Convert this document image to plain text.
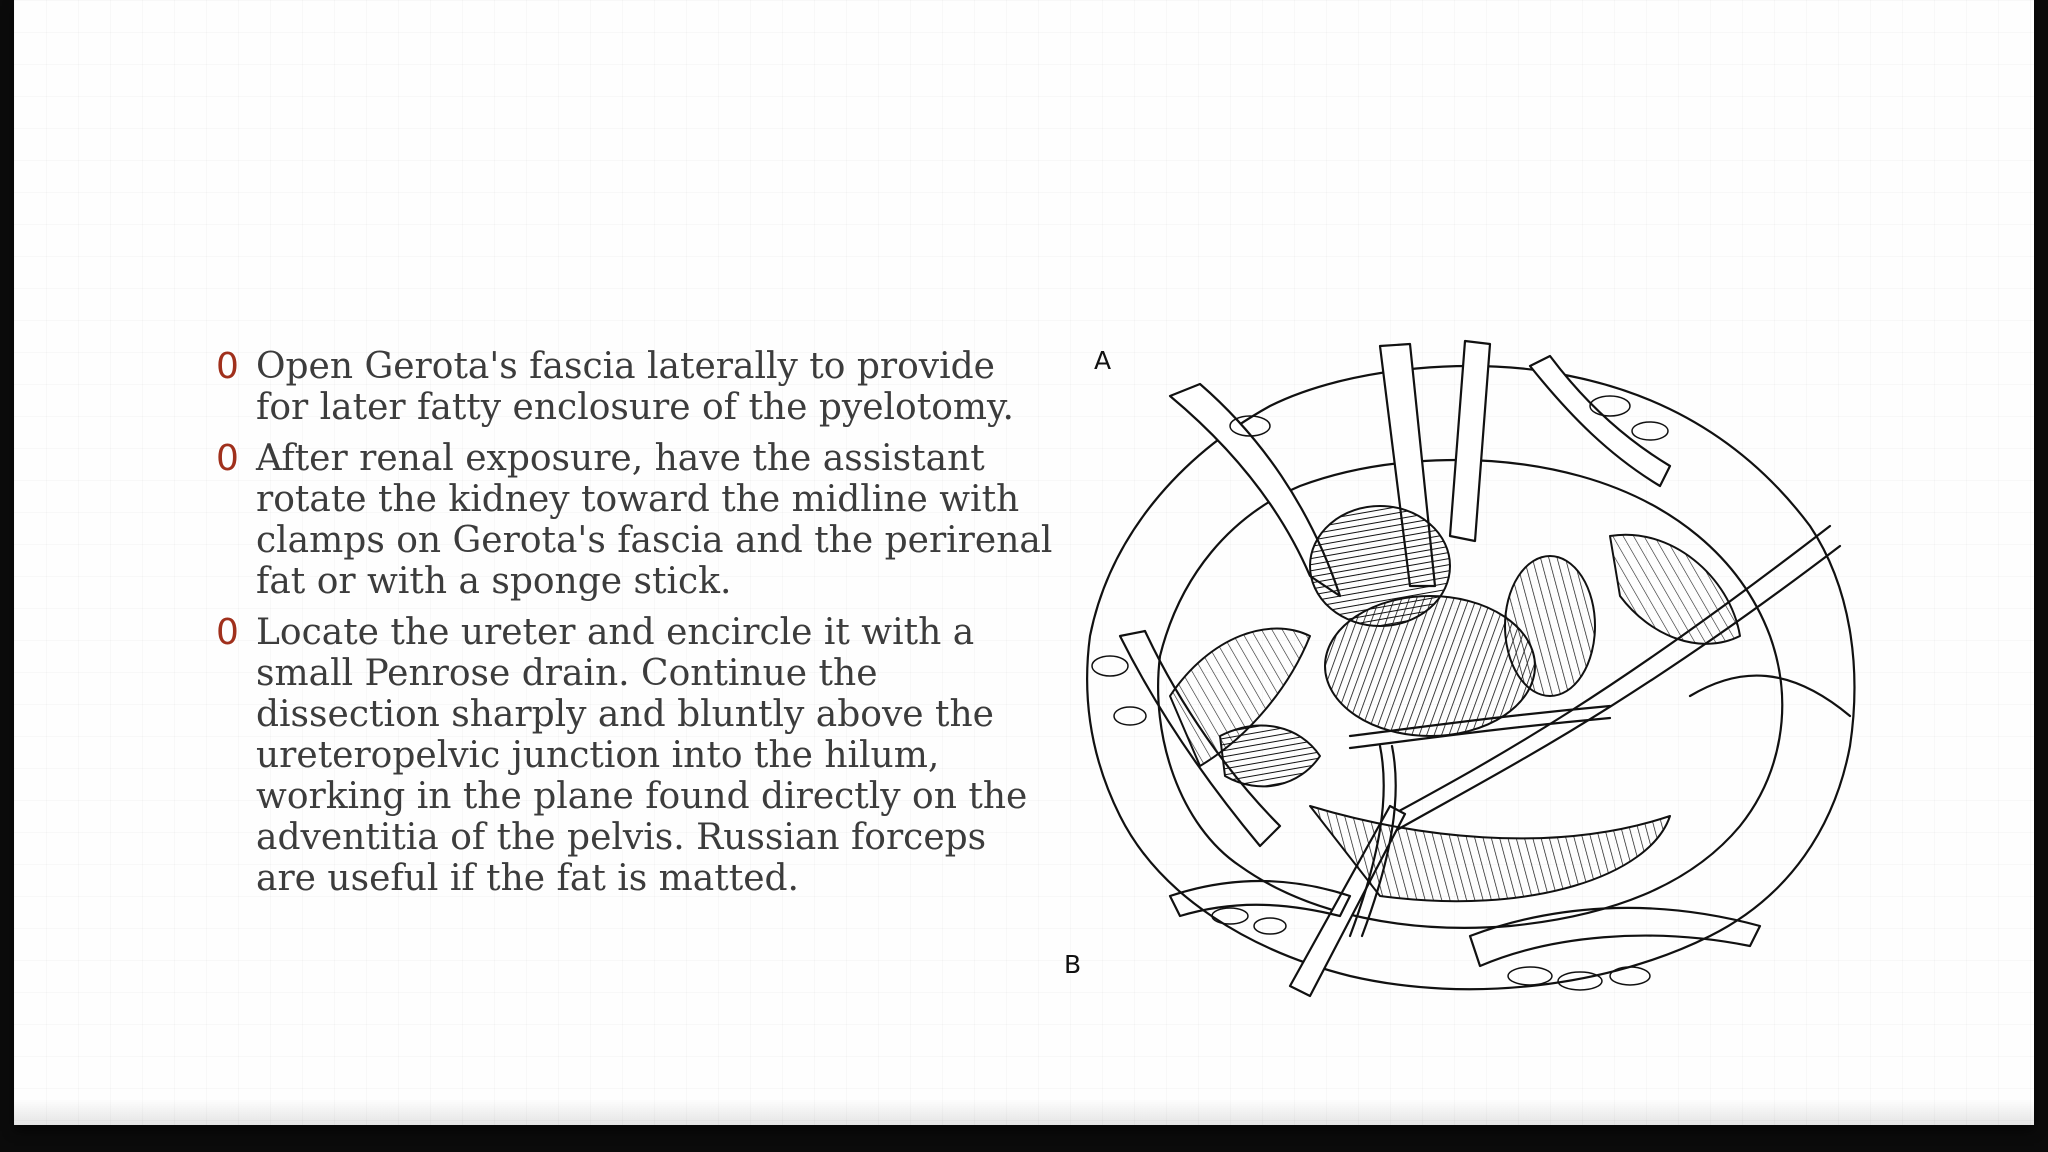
0 Open Gerota's fascia laterally to provide for later fatty enclosure of the pyelotomy.
0 After renal exposure, have the assistant rotate the kidney toward the midline with clamps on Gerota's fascia and the perirenal fat or with a sponge stick.
0 Locate the ureter and encircle it with a small Penrose drain. Continue the dissection sharply and bluntly above the ureteropelvic junction into the hilum, working in the plane found directly on the adventitia of the pelvis. Russian forceps are useful if the fat is matted.
A
B
